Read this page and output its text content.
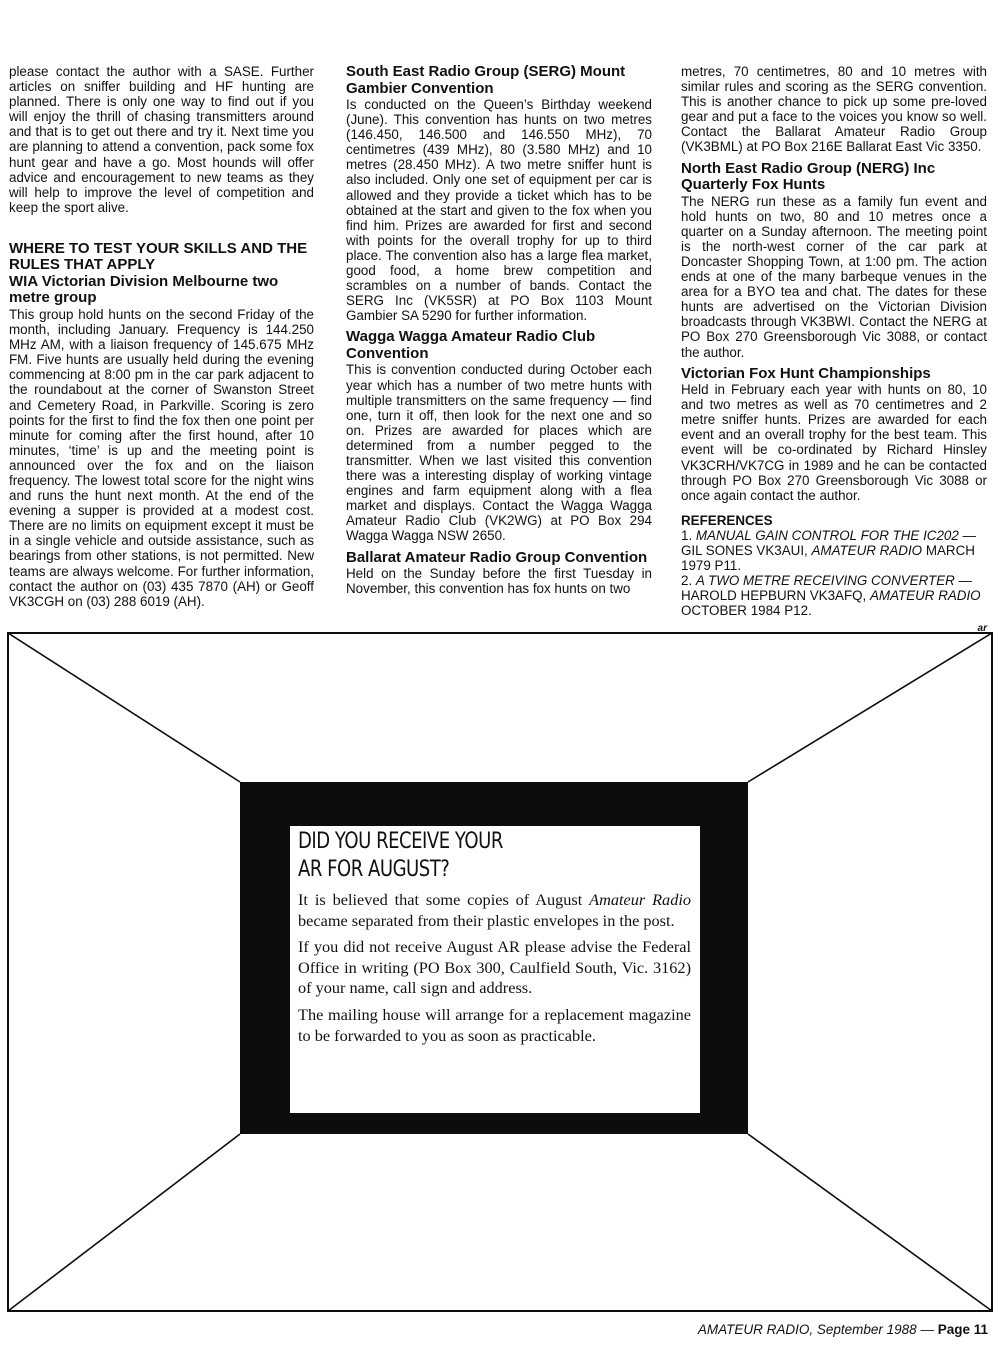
please contact the author with a SASE. Further articles on sniffer building and HF hunting are planned. There is only one way to find out if you will enjoy the thrill of chasing transmitters around and that is to get out there and try it. Next time you are planning to attend a convention, pack some fox hunt gear and have a go. Most hounds will offer advice and encouragement to new teams as they will help to improve the level of competition and keep the sport alive.

WHERE TO TEST YOUR SKILLS AND THE RULES THAT APPLY
WIA Victorian Division Melbourne two metre group

This group hold hunts on the second Friday of the month, including January. Frequency is 144.250 MHz AM, with a liaison frequency of 145.675 MHz FM. Five hunts are usually held during the evening commencing at 8:00 pm in the car park adjacent to the roundabout at the corner of Swanston Street and Cemetery Road, in Parkville. Scoring is zero points for the first to find the fox then one point per minute for coming after the first hound, after 10 minutes, ‘time’ is up and the meeting point is announced over the fox and on the liaison frequency. The lowest total score for the night wins and runs the hunt next month. At the end of the evening a supper is provided at a modest cost. There are no limits on equipment except it must be in a single vehicle and outside assistance, such as bearings from other stations, is not permitted. New teams are always welcome. For further information, contact the author on (03) 435 7870 (AH) or Geoff VK3CGH on (03) 288 6019 (AH).

South East Radio Group (SERG) Mount Gambier Convention

Is conducted on the Queen’s Birthday weekend (June). This convention has hunts on two metres (146.450, 146.500 and 146.550 MHz), 70 centimetres (439 MHz), 80 (3.580 MHz) and 10 metres (28.450 MHz). A two metre sniffer hunt is also included. Only one set of equipment per car is allowed and they provide a ticket which has to be obtained at the start and given to the fox when you find him. Prizes are awarded for first and second with points for the overall trophy for up to third place. The convention also has a large flea market, good food, a home brew competition and scrambles on a number of bands. Contact the SERG Inc (VK5SR) at PO Box 1103 Mount Gambier SA 5290 for further information.

Wagga Wagga Amateur Radio Club Convention

This is convention conducted during October each year which has a number of two metre hunts with multiple transmitters on the same frequency — find one, turn it off, then look for the next one and so on. Prizes are awarded for places which are determined from a number pegged to the transmitter. When we last visited this convention there was a interesting display of working vintage engines and farm equipment along with a flea market and displays. Contact the Wagga Wagga Amateur Radio Club (VK2WG) at PO Box 294 Wagga Wagga NSW 2650.

Ballarat Amateur Radio Group Convention

Held on the Sunday before the first Tuesday in November, this convention has fox hunts on two

metres, 70 centimetres, 80 and 10 metres with similar rules and scoring as the SERG convention. This is another chance to pick up some pre-loved gear and put a face to the voices you know so well. Contact the Ballarat Amateur Radio Group (VK3BML) at PO Box 216E Ballarat East Vic 3350.

North East Radio Group (NERG) Inc Quarterly Fox Hunts

The NERG run these as a family fun event and hold hunts on two, 80 and 10 metres once a quarter on a Sunday afternoon. The meeting point is the north-west corner of the car park at Doncaster Shopping Town, at 1:00 pm. The action ends at one of the many barbeque venues in the area for a BYO tea and chat. The dates for these hunts are advertised on the Victorian Division broadcasts through VK3BWI. Contact the NERG at PO Box 270 Greensborough Vic 3088, or contact the author.

Victorian Fox Hunt Championships

Held in February each year with hunts on 80, 10 and two metres as well as 70 centimetres and 2 metre sniffer hunts. Prizes are awarded for each event and an overall trophy for the best team. This event will be co-ordinated by Richard Hinsley VK3CRH/VK7CG in 1989 and he can be contacted through PO Box 270 Greensborough Vic 3088 or once again contact the author.

REFERENCES

1. MANUAL GAIN CONTROL FOR THE IC202 — GIL SONES VK3AUI, AMATEUR RADIO MARCH 1979 P11.

2. A TWO METRE RECEIVING CONVERTER — HAROLD HEPBURN VK3AFQ, AMATEUR RADIO OCTOBER 1984 P12.

ar
DID YOU RECEIVE YOUR
AR FOR AUGUST?

It is believed that some copies of August Amateur Radio became separated from their plastic envelopes in the post.

If you did not receive August AR please advise the Federal Office in writing (PO Box 300, Caulfield South, Vic. 3162) of your name, call sign and address.

The mailing house will arrange for a replacement magazine to be forwarded to you as soon as practicable.

AMATEUR RADIO, September 1988 — Page 11
